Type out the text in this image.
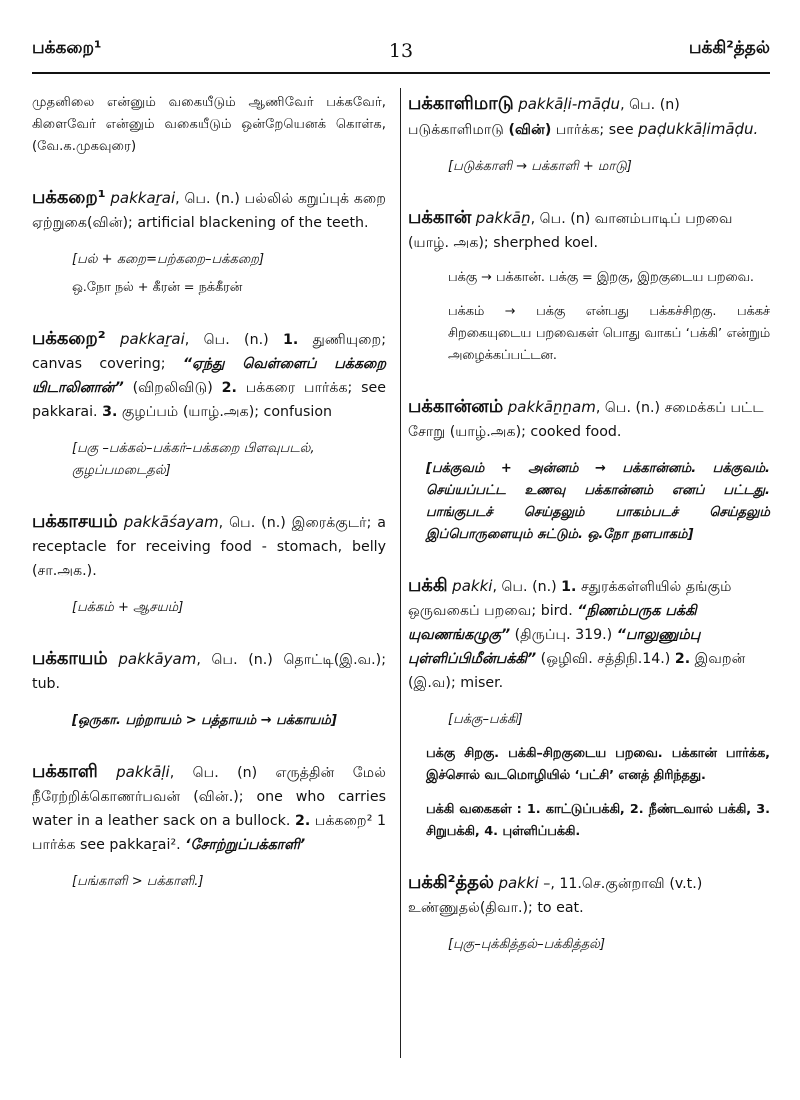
பக்கறை¹	13	பக்கி²த்தல்
முதனிலை என்னும் வகையீடும் ஆணிவேர் பக்கவேர், கிளைவேர் என்னும் வகையீடும் ஒன்றேயெனக் கொள்க, (வே.க.முகவுரை)
பக்கறை¹ pakkaṟai, பெ. (n.) பல்லில் கறுப்புக் கறை ஏற்றுகை(வின்); artificial blackening of the teeth.
[பல் + கறை=பற்கறை–பக்கறை]
ஒ.நோ நல் + கீரன் = நக்கீரன்
பக்கறை² pakkaṟai, பெ. (n.) 1. துணியுறை; canvas covering; “ஏந்து வெள்ளைப் பக்கறை யிடாலினான்” (விறலிவிடு) 2. பக்கரை பார்க்க; see pakkarai. 3. குழப்பம் (யாழ்.அக); confusion
[பகு –பக்கல்–பக்கர்–பக்கறை பிளவுபடல், குழப்பமடைதல்]
பக்காசயம் pakkāśayam, பெ. (n.) இரைக்குடர்; a receptacle for receiving food - stomach, belly (சா.அக.).
[பக்கம் + ஆசயம்]
பக்காயம் pakkāyam, பெ. (n.) தொட்டி(இ.வ.); tub.
[ஒருகா. பற்றாயம் > பத்தாயம் → பக்காயம்]
பக்காளி pakkāḷi, பெ. (n) எருத்தின் மேல் நீரேற்றிக்கொணர்பவன் (வின்.); one who carries water in a leather sack on a bullock. 2. பக்கறை² 1 பார்க்க see pakkaṟai². ‘சோற்றுப்பக்காளி’
[பங்காளி > பக்காளி.]
பக்காளிமாடு pakkāḷi-māḍu, பெ. (n) படுக்காளிமாடு (வின்) பார்க்க; see paḍukkāḷimāḍu.
[படுக்காளி → பக்காளி + மாடு]
பக்கான் pakkāṉ, பெ. (n) வானம்பாடிப் பறவை (யாழ். அக); sherphed koel.
பக்கு → பக்கான். பக்கு = இறகு, இறகுடைய பறவை.
பக்கம் → பக்கு என்பது பக்கச்சிறகு. பக்கச் சிறகையுடைய பறவைகள் பொது வாகப் ‘பக்கி’ என்றும் அழைக்கப்பட்டன.
பக்கான்னம் pakkāṉṉam, பெ. (n.) சமைக்கப் பட்ட சோறு (யாழ்.அக); cooked food.
[பக்குவம் + அன்னம் → பக்கான்னம். பக்குவம். செய்யப்பட்ட உணவு பக்கான்னம் எனப் பட்டது. பாங்குபடச் செய்தலும் பாகம்படச் செய்தலும் இப்பொருளையும் சுட்டும். ஒ.நோ நளபாகம்]
பக்கி pakki, பெ. (n.) 1. சதுரக்கள்ளியில் தங்கும் ஒருவகைப் பறவை; bird. “நிணம்பருக பக்கி யுவணங்கழுகு” (திருப்பு. 319.) “பாலுணும்பு புள்ளிப்பிமீன்பக்கி” (ஒழிவி. சத்திநி.14.) 2. இவறன் (இ.வ); miser.
[பக்கு–பக்கி]
பக்கு சிறகு. பக்கி–சிறகுடைய பறவை. பக்கான் பார்க்க, இச்சொல் வடமொழியில் ‘பட்சி’ எனத் திரிந்தது.
பக்கி வகைகள் : 1. காட்டுப்பக்கி, 2. நீண்டவால் பக்கி, 3. சிறுபக்கி, 4. புள்ளிப்பக்கி.
பக்கி²த்தல் pakki –, 11.செ.குன்றாவி (v.t.) உண்ணுதல்(திவா.); to eat.
[புகு–புக்கித்தல்–பக்கித்தல்]
